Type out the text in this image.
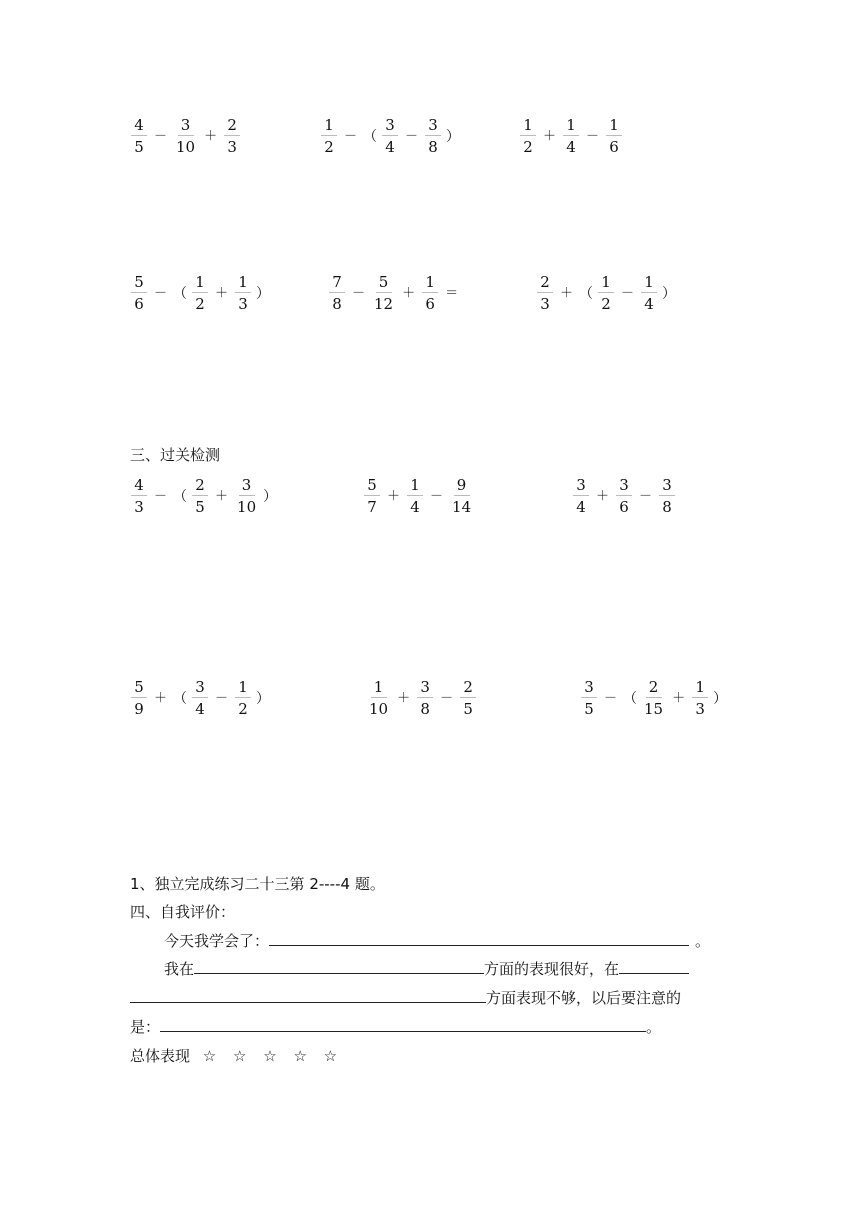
$\frac{4}{5} - \frac{3}{10} + \frac{2}{3}$	$\frac{1}{2}$ － （ $\frac{3}{4} - \frac{3}{8}$ ）	$\frac{1}{2} + \frac{1}{4} - \frac{1}{6}$
$\frac{5}{6}$ － （ $\frac{1}{2} + \frac{1}{3}$ ）	$\frac{7}{8} - \frac{5}{12} + \frac{1}{6}$ ＝	$\frac{2}{3}$ ＋ （ $\frac{1}{2} - \frac{1}{4}$ ）
三、过关检测
$\frac{4}{3}$ － （ $\frac{2}{5} + \frac{3}{10}$ ）	$\frac{5}{7} + \frac{1}{4} - \frac{9}{14}$	$\frac{3}{4} + \frac{3}{6} - \frac{3}{8}$
$\frac{5}{9}$ ＋ （ $\frac{3}{4} - \frac{1}{2}$ ）	$\frac{1}{10} + \frac{3}{8} - \frac{2}{5}$	$\frac{3}{5}$ － （ $\frac{2}{15} + \frac{1}{3}$ ）
1、独立完成练习二十三第 2----4 题。
四、自我评价：
今天我学会了：	。
我在	方面的表现很好，在
方面表现不够，以后要注意的
是：	。
总体表现 ☆ ☆ ☆ ☆ ☆
